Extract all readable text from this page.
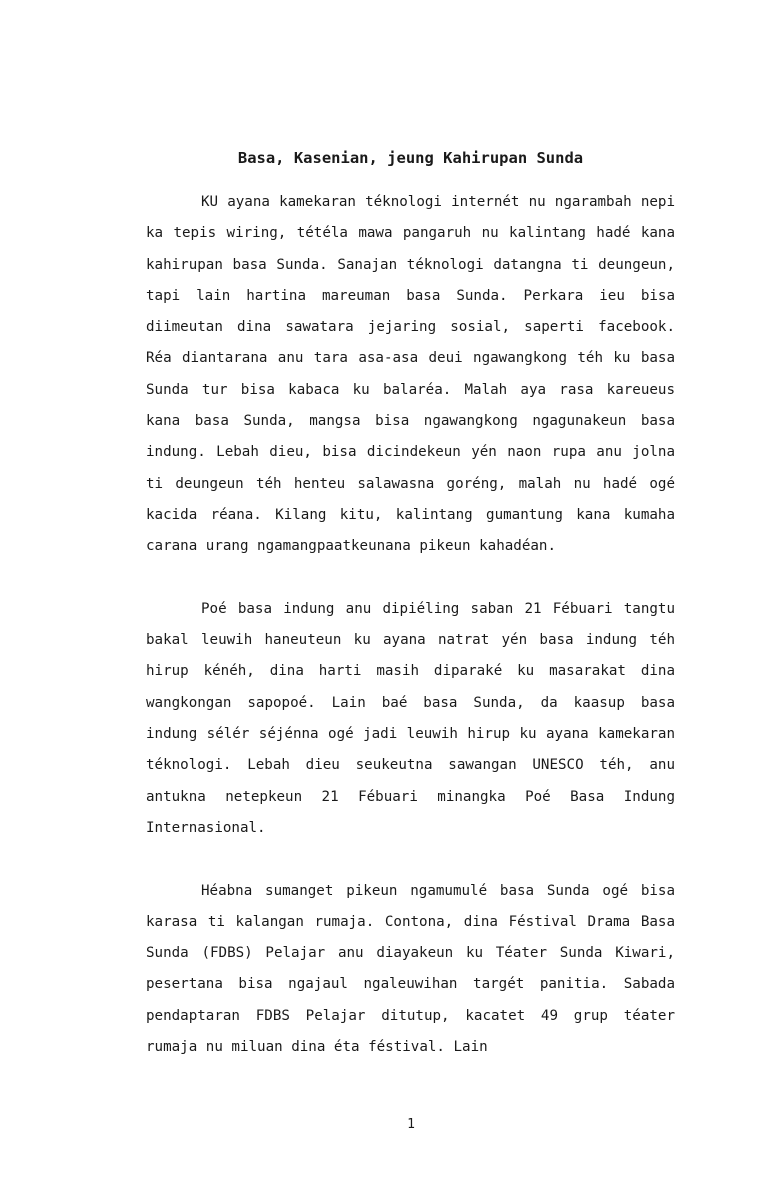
Basa, Kasenian, jeung Kahirupan Sunda

KU ayana kamekaran téknologi internét nu ngarambah nepi ka tepis wiring, tétéla mawa pangaruh nu kalintang hadé kana kahirupan basa Sunda. Sanajan téknologi datangna ti deungeun, tapi lain hartina mareuman basa Sunda. Perkara ieu bisa diimeutan dina sawatara jejaring sosial, saperti facebook. Réa diantarana anu tara asa-asa deui ngawangkong téh ku basa Sunda tur bisa kabaca ku balaréa. Malah aya rasa kareueus kana basa Sunda, mangsa bisa ngawangkong ngagunakeun basa indung. Lebah dieu, bisa dicindekeun yén naon rupa anu jolna ti deungeun téh henteu salawasna goréng, malah nu hadé ogé kacida réana. Kilang kitu, kalintang gumantung kana kumaha carana urang ngamangpaatkeunana pikeun kahadéan.

Poé basa indung anu dipiéling saban 21 Fébuari tangtu bakal leuwih haneuteun ku ayana natrat yén basa indung téh hirup kénéh, dina harti masih diparaké ku masarakat dina wangkongan sapopoé. Lain baé basa Sunda, da kaasup basa indung sélér séjénna ogé jadi leuwih hirup ku ayana kamekaran téknologi. Lebah dieu seukeutna sawangan UNESCO téh, anu antukna netepkeun 21 Fébuari minangka Poé Basa Indung Internasional.

Héabna sumanget pikeun ngamumulé basa Sunda ogé bisa karasa ti kalangan rumaja. Contona, dina Féstival Drama Basa Sunda (FDBS) Pelajar anu diayakeun ku Téater Sunda Kiwari, pesertana bisa ngajaul ngaleuwihan targét panitia. Sabada pendaptaran FDBS Pelajar ditutup, kacatet 49 grup téater rumaja nu miluan dina éta féstival. Lain

1
